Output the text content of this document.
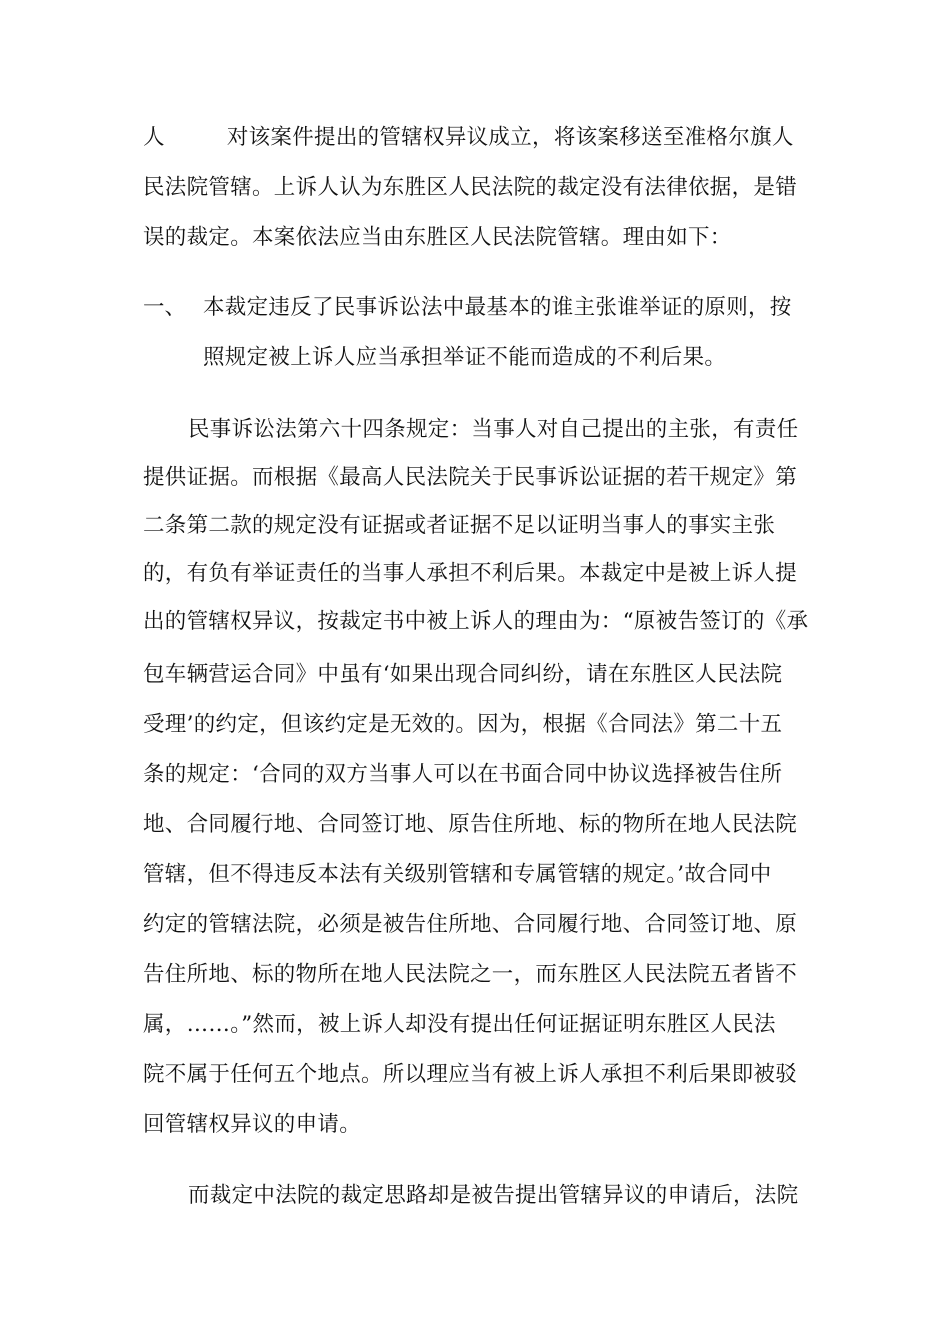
人	对该案件提出的管辖权异议成立，将该案移送至准格尔旗人
民法院管辖。上诉人认为东胜区人民法院的裁定没有法律依据，是错
误的裁定。本案依法应当由东胜区人民法院管辖。理由如下：
一、 本裁定违反了民事诉讼法中最基本的谁主张谁举证的原则，按
照规定被上诉人应当承担举证不能而造成的不利后果。
民事诉讼法第六十四条规定：当事人对自己提出的主张，有责任
提供证据。而根据《最高人民法院关于民事诉讼证据的若干规定》第
二条第二款的规定没有证据或者证据不足以证明当事人的事实主张
的，有负有举证责任的当事人承担不利后果。本裁定中是被上诉人提
出的管辖权异议，按裁定书中被上诉人的理由为：“原被告签订的《承
包车辆营运合同》中虽有‘如果出现合同纠纷，请在东胜区人民法院
受理’的约定，但该约定是无效的。因为，根据《合同法》第二十五
条的规定：‘合同的双方当事人可以在书面合同中协议选择被告住所
地、合同履行地、合同签订地、原告住所地、标的物所在地人民法院
管辖，但不得违反本法有关级别管辖和专属管辖的规定。’故合同中
约定的管辖法院，必须是被告住所地、合同履行地、合同签订地、原
告住所地、标的物所在地人民法院之一，而东胜区人民法院五者皆不
属，……。”然而，被上诉人却没有提出任何证据证明东胜区人民法
院不属于任何五个地点。所以理应当有被上诉人承担不利后果即被驳
回管辖权异议的申请。
而裁定中法院的裁定思路却是被告提出管辖异议的申请后，法院
